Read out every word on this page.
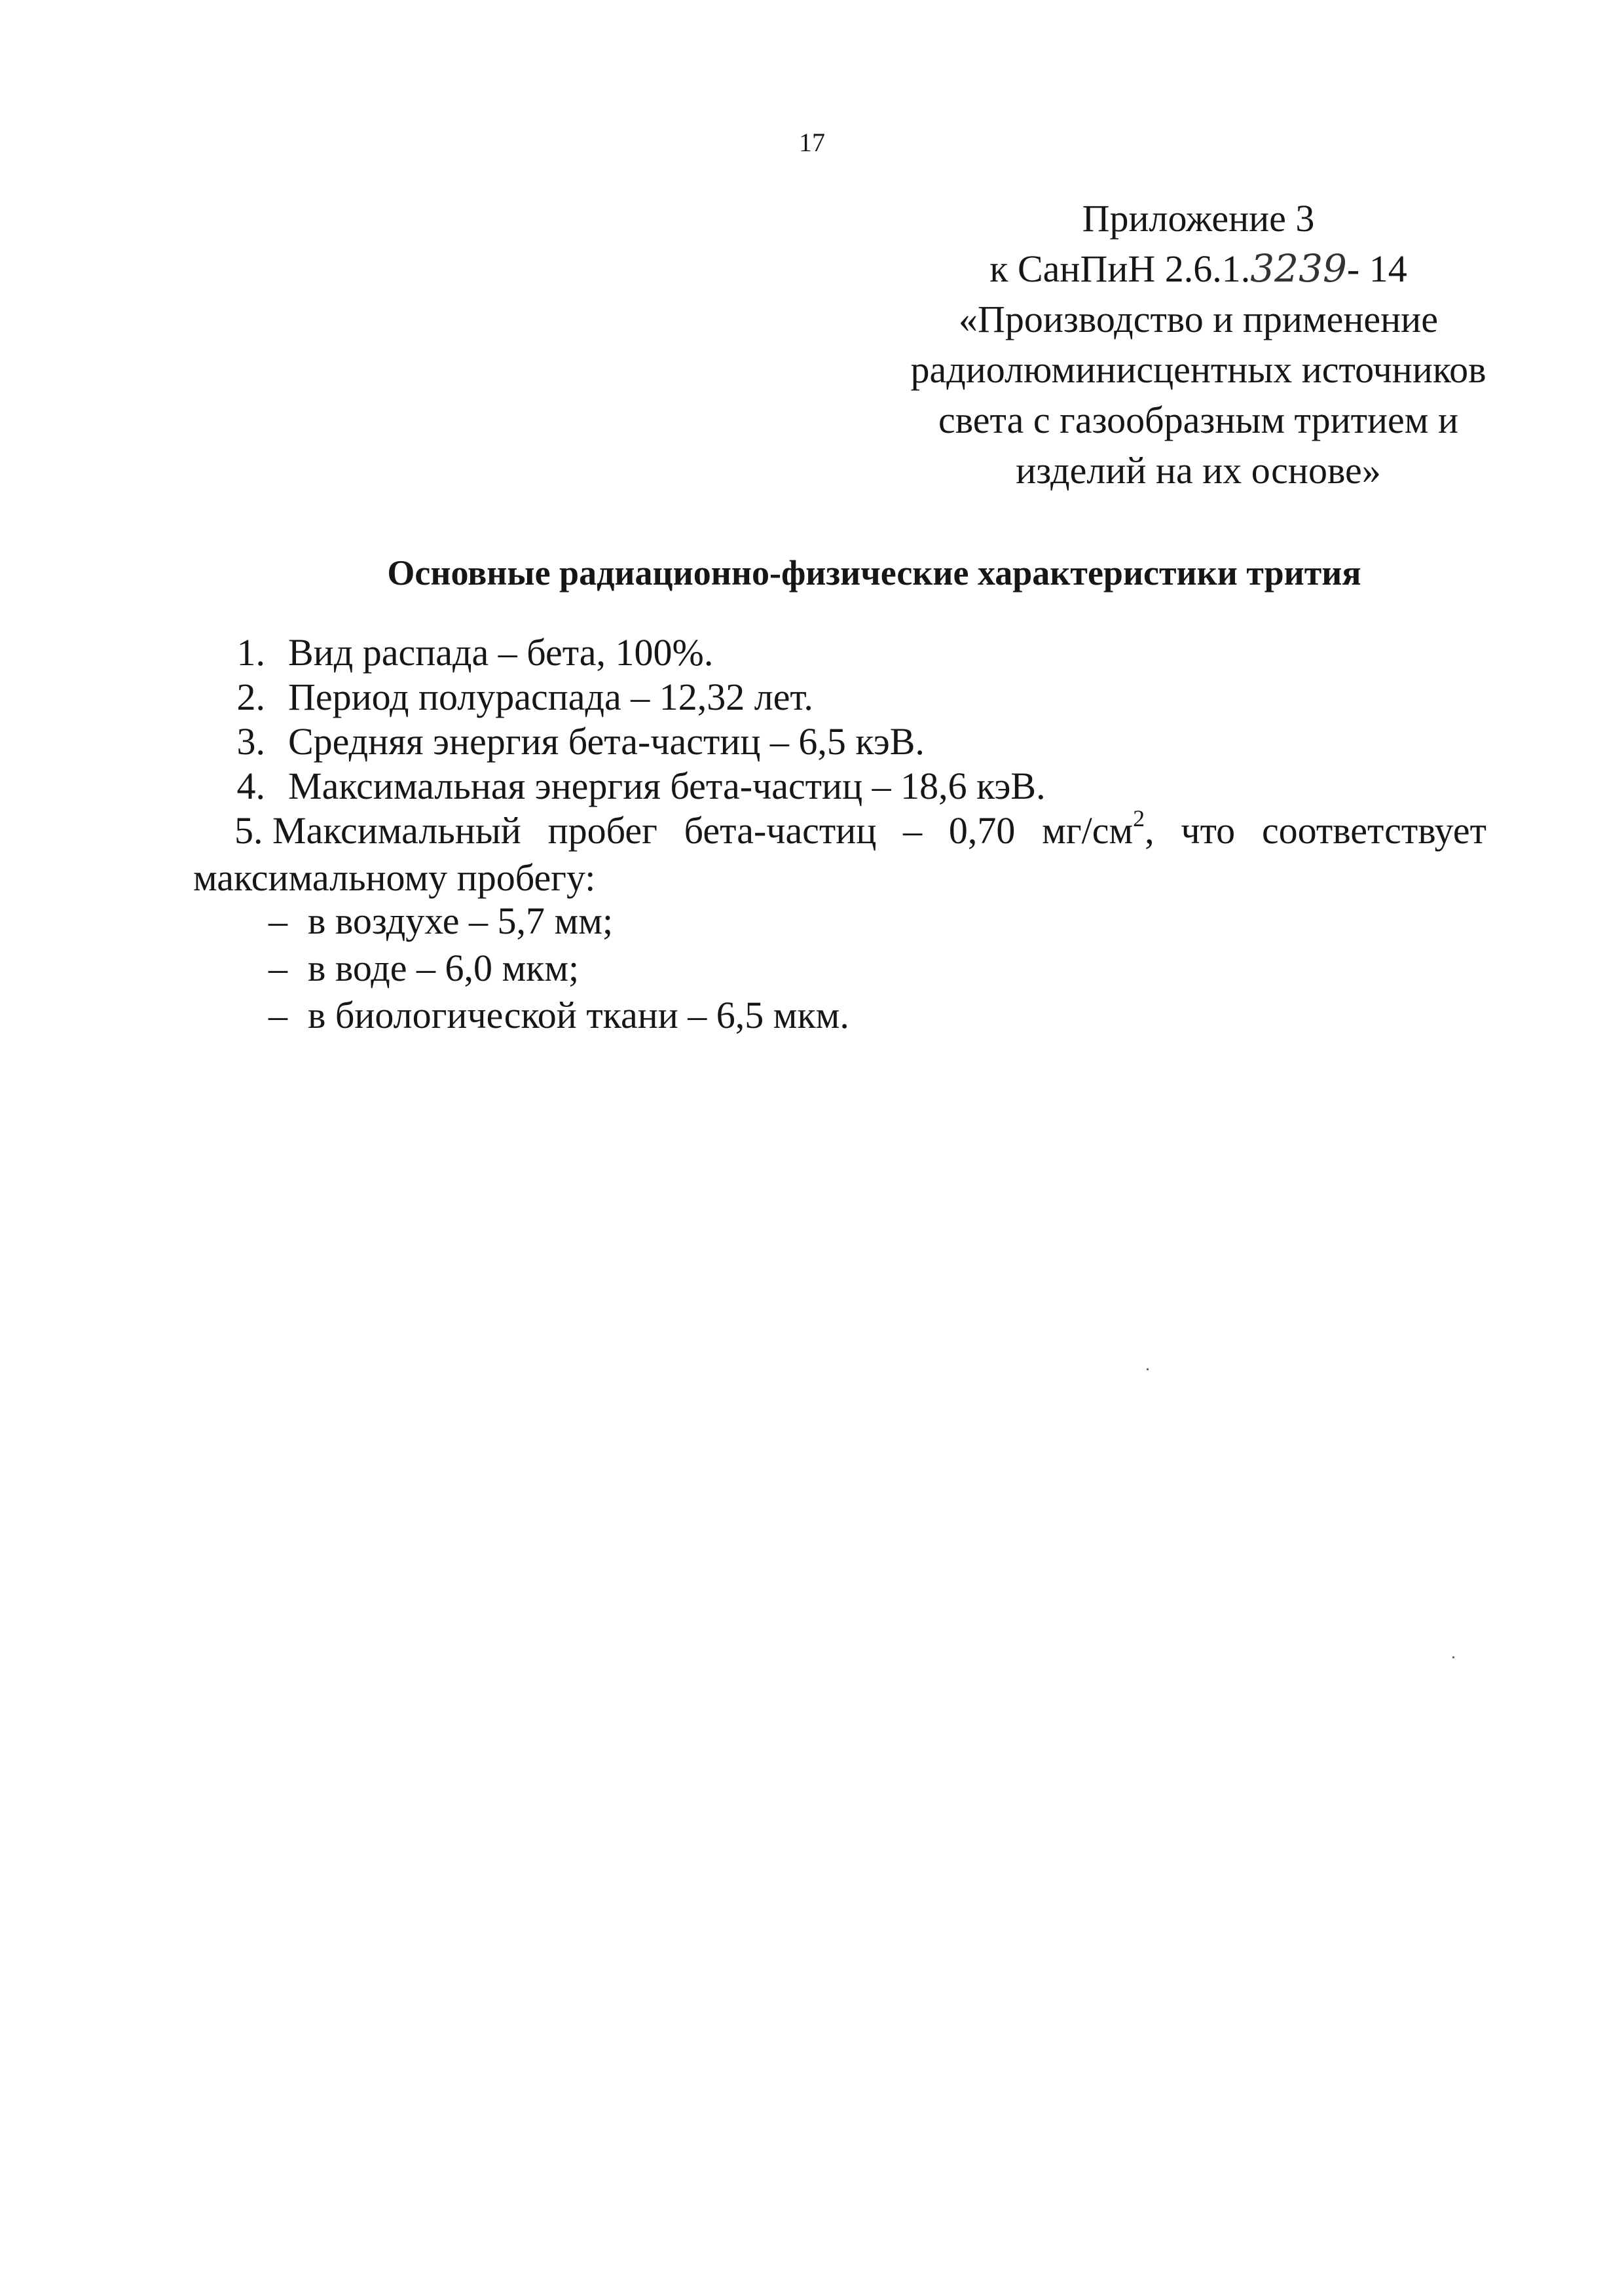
17
Приложение 3
к СанПиН 2.6.1.3239- 14
«Производство и применение
радиолюминисцентных источников
света с газообразным тритием и
изделий на их основе»
Основные радиационно-физические характеристики трития
1. Вид распада – бета, 100%.
2. Период полураспада – 12,32 лет.
3. Средняя энергия бета-частиц – 6,5 кэВ.
4. Максимальная энергия бета-частиц – 18,6 кэВ.
5. Максимальный пробег бета-частиц – 0,70 $мг/см^2$, что соответствует
максимальному пробегу:
– в воздухе – 5,7 мм;
– в воде – 6,0 мкм;
– в биологической ткани – 6,5 мкм.
